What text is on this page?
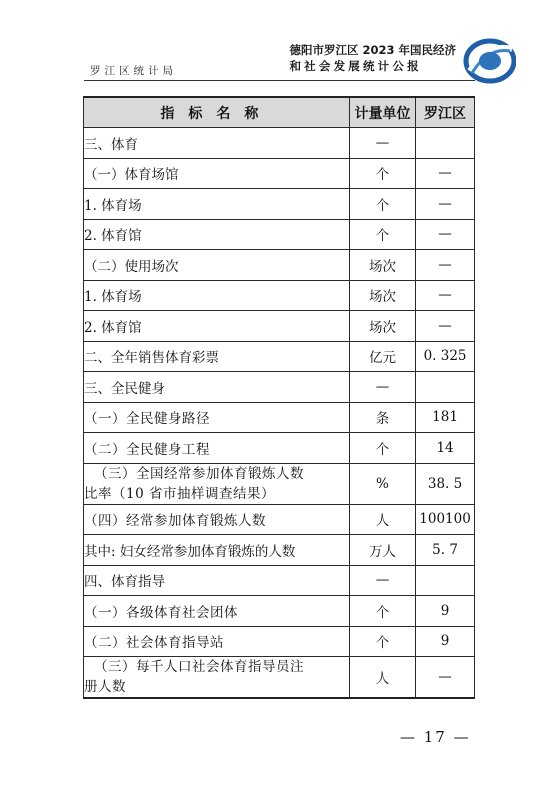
罗江区统计局
德阳市罗江区 2023 年国民经济
和社会发展统计公报
指标名称	计量单位	罗江区
三、体育	—	
（一）体育场馆	个	—
1. 体育场	个	—
2. 体育馆	个	—
（二）使用场次	场次	—
1. 体育场	场次	—
2. 体育馆	场次	—
二、全年销售体育彩票	亿元	0. 325
三、全民健身	—	
（一）全民健身路径	条	181
（二）全民健身工程	个	14

（三）全国经常参加体育锻炼人数
比率（10 省市抽样调查结果）	%	38. 5
（四）经常参加体育锻炼人数	人	100100
其中: 妇女经常参加体育锻炼的人数	万人	5. 7
四、体育指导	—	
（一）各级体育社会团体	个	9
（二）社会体育指导站	个	9

（三）每千人口社会体育指导员注
册人数	人	—
— 17 —
